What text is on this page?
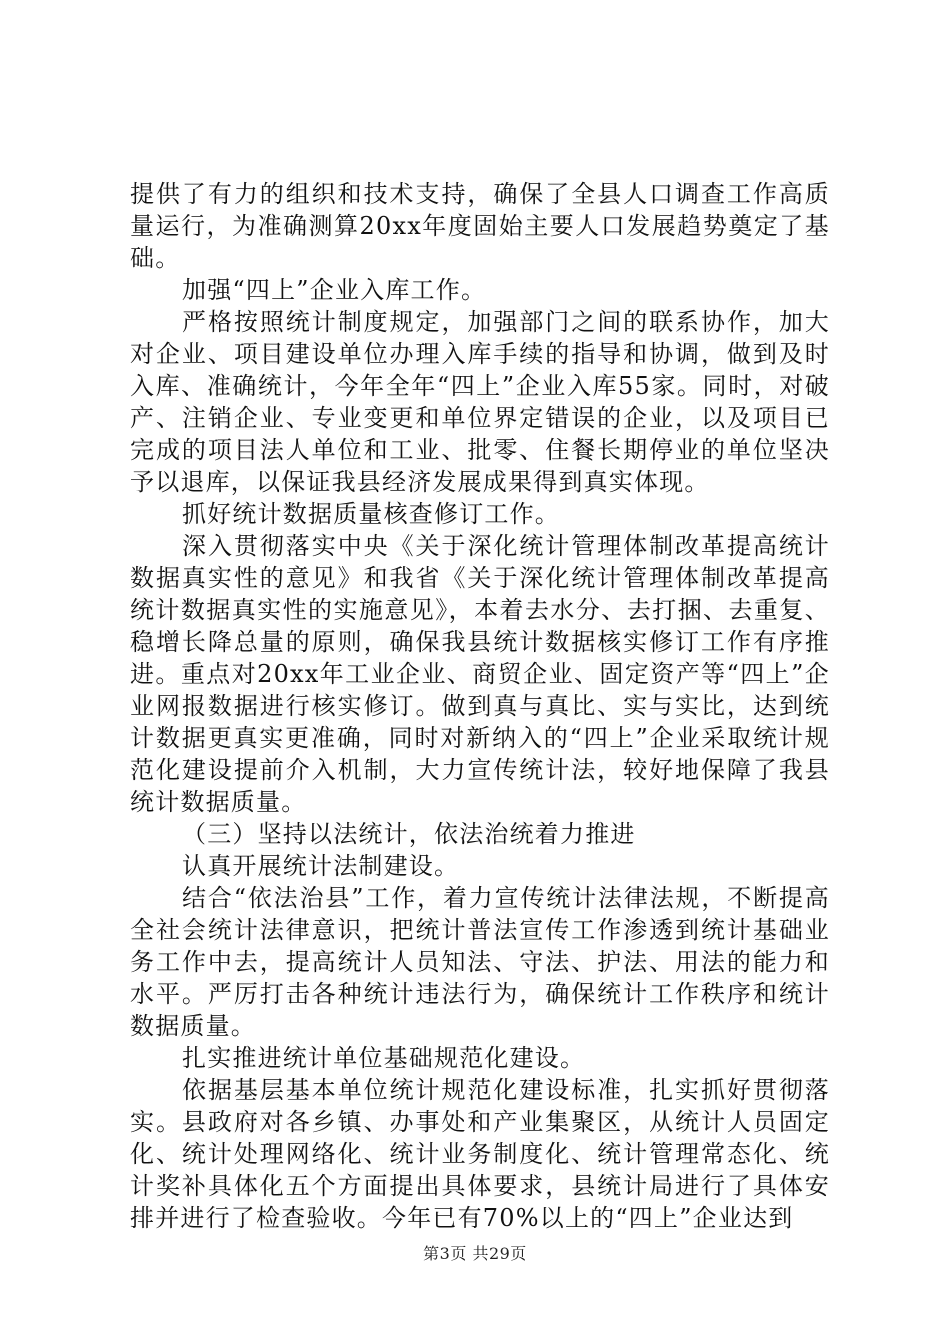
提供了有力的组织和技术支持，确保了全县人口调查工作高质量运行，为准确测算20xx年度固始主要人口发展趋势奠定了基础。

加强“四上”企业入库工作。

严格按照统计制度规定，加强部门之间的联系协作，加大对企业、项目建设单位办理入库手续的指导和协调，做到及时入库、准确统计，今年全年“四上”企业入库55家。同时，对破产、注销企业、专业变更和单位界定错误的企业，以及项目已完成的项目法人单位和工业、批零、住餐长期停业的单位坚决予以退库，以保证我县经济发展成果得到真实体现。

抓好统计数据质量核查修订工作。

深入贯彻落实中央《关于深化统计管理体制改革提高统计数据真实性的意见》和我省《关于深化统计管理体制改革提高统计数据真实性的实施意见》，本着去水分、去打捆、去重复、稳增长降总量的原则，确保我县统计数据核实修订工作有序推进。重点对20xx年工业企业、商贸企业、固定资产等“四上”企业网报数据进行核实修订。做到真与真比、实与实比，达到统计数据更真实更准确，同时对新纳入的“四上”企业采取统计规范化建设提前介入机制，大力宣传统计法，较好地保障了我县统计数据质量。

（三）坚持以法统计，依法治统着力推进

认真开展统计法制建设。

结合“依法治县”工作，着力宣传统计法律法规，不断提高全社会统计法律意识，把统计普法宣传工作渗透到统计基础业务工作中去，提高统计人员知法、守法、护法、用法的能力和水平。严厉打击各种统计违法行为，确保统计工作秩序和统计数据质量。

扎实推进统计单位基础规范化建设。

依据基层基本单位统计规范化建设标准，扎实抓好贯彻落实。县政府对各乡镇、办事处和产业集聚区，从统计人员固定化、统计处理网络化、统计业务制度化、统计管理常态化、统计奖补具体化五个方面提出具体要求，县统计局进行了具体安排并进行了检查验收。今年已有70%以上的“四上”企业达到

第3页 共29页
